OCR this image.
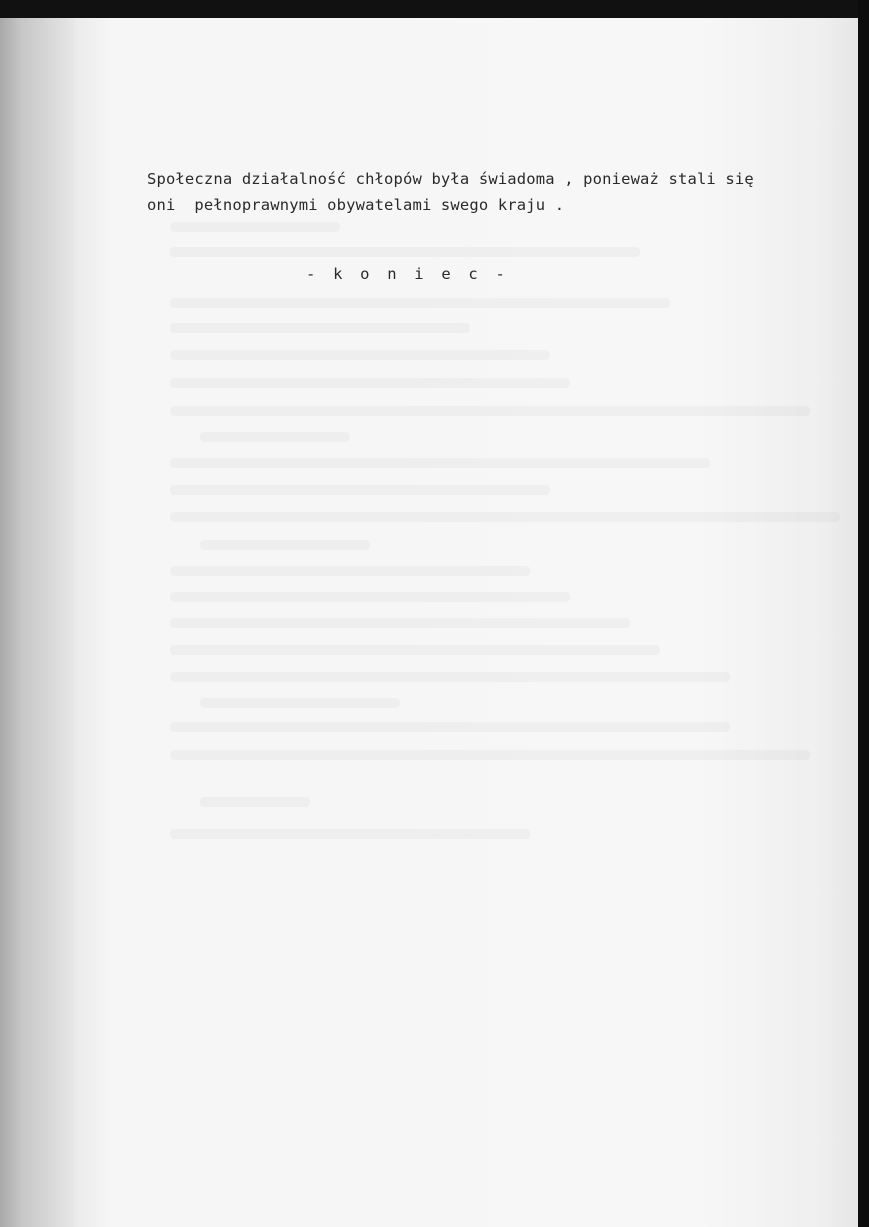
Społeczna działalność chłopów była świadoma , ponieważ stali się
oni  pełnoprawnymi obywatelami swego kraju .
- k o n i e c -
